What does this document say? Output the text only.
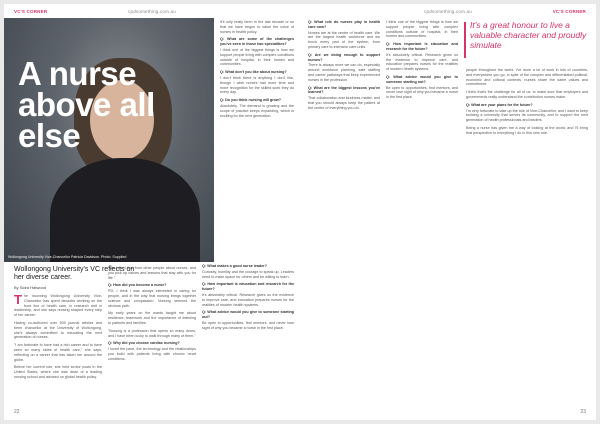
VC'S CORNER	cpdsomething.com.au
Wollongong University Vice-Chancellor Patricia Davidson. Photo: Supplied
A nurse above all else
Wollongong University's VC reflects on her diverse career.
By Sidra Hatwood

The incoming Wollongong University Vice-Chancellor has spent decades working on the front line of health care, in research and in leadership, and she says nursing shaped every step of her career.

Having co-authored over 500 journal articles and been chancellor at the University of Wollongong, she's always committed to educating the next generation of nurses.

"I am fortunate to have had a rich career and to have seen so many sides of health care," she says, reflecting on a career that has taken her around the globe.

Before her current role, she held senior posts in the United States, where she was dean of a leading nursing school and advised on global health policy.

"We heard that from other people about nurses, and you pick up values and lessons that stay with you for life."

Q: How did you become a nurse?

PD: I think I was always interested in caring for people, and in the way that nursing brings together science and compassion. Nursing seemed the obvious path.

My early years on the wards taught me about resilience, teamwork and the importance of listening to patients and families.

"Nursing is a profession that opens so many doors, and I have been lucky to walk through many of them."

Q: Why did you choose cardiac nursing?

I loved the pace, the technology and the relationships you build with patients living with chronic heart conditions.

It's only really been in the last decade or so that we have begun to value the voice of nurses in health policy.

Q: What are some of the challenges you've seen in those two specialities?

I think one of the biggest things is how we support people living with complex conditions outside of hospital, in their homes and communities.

Q: What don't you like about nursing?

I don't think there is anything I don't like, though I wish nurses had more time and more recognition for the skilled work they do every day.

Q: Do you think nursing will grow?

Absolutely. The demand is growing and the scope of practice keeps expanding, which is exciting for the next generation.

Q: What makes a good nurse leader?

Curiosity, humility and the courage to speak up. Leaders need to make space for others and be willing to learn.

Q: How important is education and research for the future?

It's absolutely critical. Research gives us the evidence to improve care, and education prepares nurses for the realities of modern health systems.

Q: What advice would you give to someone starting out?

Be open to opportunities, find mentors, and never lose sight of why you became a nurse in the first place.

22
cpdsomething.com.au	VC'S CORNER

Q: What role do nurses play in health care now?

Nurses are at the centre of health care. We are the largest health workforce and we touch every part of the system, from primary care to intensive care units.

Q: Are we doing enough to support nurses?

There is always more we can do, especially around workforce planning, safe staffing and career pathways that keep experienced nurses in the profession.

Q: What are the biggest lessons you've learned?

That collaboration and kindness matter, and that you should always keep the patient at the centre of everything you do.

I think one of the biggest things is how we support people living with complex conditions outside of hospital, in their homes and communities.

Q: How important is education and research for the future?

It's absolutely critical. Research gives us the evidence to improve care, and education prepares nurses for the realities of modern health systems.

Q: What advice would you give to someone starting out?

Be open to opportunities, find mentors, and never lose sight of why you became a nurse in the first place.

It's a great honour to live a valuable character and proudly simulate

people throughout the world. I've done a lot of work in lots of countries, and everywhere you go, in spite of the complex and differentiated political, economic and cultural contexts, nurses share the same values and commitment.

I think that's the challenge for all of us: to make sure that employers and governments really understand the contribution nurses make.

Q: What are your plans for the future?

I'm very fortunate to take up the role of Vice-Chancellor, and I want to keep building a university that serves its community, and to support the next generation of health professionals and leaders.

Being a nurse has given me a way of looking at the world, and I'll bring that perspective to everything I do in this new role.

23
